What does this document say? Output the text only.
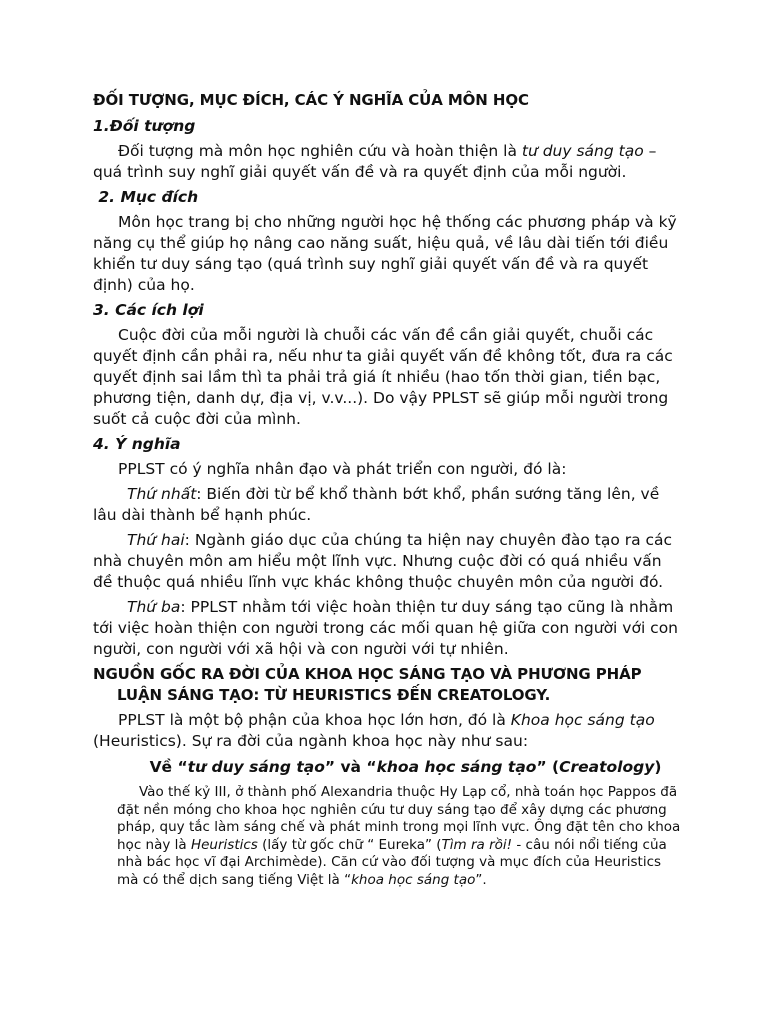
ĐỐI TƯỢNG, MỤC ĐÍCH, CÁC Ý NGHĨA CỦA MÔN HỌC

1.Đối tượng

Đối tượng mà môn học nghiên cứu và hoàn thiện là tư duy sáng tạo – quá trình suy nghĩ giải quyết vấn đề và ra quyết định của mỗi người.

2. Mục đích

Môn học trang bị cho những người học hệ thống các phương pháp và kỹ năng cụ thể giúp họ nâng cao năng suất, hiệu quả, về lâu dài tiến tới điều khiển tư duy sáng tạo (quá trình suy nghĩ giải quyết vấn đề và ra quyết định) của họ.

3. Các ích lợi

Cuộc đời của mỗi người là chuỗi các vấn đề cần giải quyết, chuỗi các quyết định cần phải ra, nếu như ta giải quyết vấn đề không tốt, đưa ra các quyết định sai lầm thì ta phải trả giá ít nhiều (hao tốn thời gian, tiền bạc, phương tiện, danh dự, địa vị, v.v...). Do vậy PPLST sẽ giúp mỗi người trong suốt cả cuộc đời của mình.

4. Ý nghĩa

PPLST có ý nghĩa nhân đạo và phát triển con người, đó là:

Thứ nhất: Biến đời từ bể khổ thành bớt khổ, phần sướng tăng lên, về lâu dài thành bể hạnh phúc.

Thứ hai: Ngành giáo dục của chúng ta hiện nay chuyên đào tạo ra các nhà chuyên môn am hiểu một lĩnh vực. Nhưng cuộc đời có quá nhiều vấn đề thuộc quá nhiều lĩnh vực khác không thuộc chuyên môn của người đó.

Thứ ba: PPLST nhằm tới việc hoàn thiện tư duy sáng tạo cũng là nhằm tới việc hoàn thiện con người trong các mối quan hệ giữa con người với con người, con người với xã hội và con người với tự nhiên.

NGUỒN GỐC RA ĐỜI CỦA KHOA HỌC SÁNG TẠO VÀ PHƯƠNG PHÁP LUẬN SÁNG TẠO: TỪ HEURISTICS ĐẾN CREATOLOGY.

PPLST là một bộ phận của khoa học lớn hơn, đó là Khoa học sáng tạo (Heuristics). Sự ra đời của ngành khoa học này như sau:

Về “tư duy sáng tạo” và “khoa học sáng tạo” (Creatology)

Vào thế kỷ III, ở thành phố Alexandria thuộc Hy Lạp cổ, nhà toán học Pappos đã đặt nền móng cho khoa học nghiên cứu tư duy sáng tạo để xây dựng các phương pháp, quy tắc làm sáng chế và phát minh trong mọi lĩnh vực. Ông đặt tên cho khoa học này là Heuristics (lấy từ gốc chữ “ Eureka” (Tìm ra rồi! - câu nói nổi tiếng của nhà bác học vĩ đại Archimède). Căn cứ vào đối tượng và mục đích của Heuristics mà có thể dịch sang tiếng Việt là “khoa học sáng tạo”.
